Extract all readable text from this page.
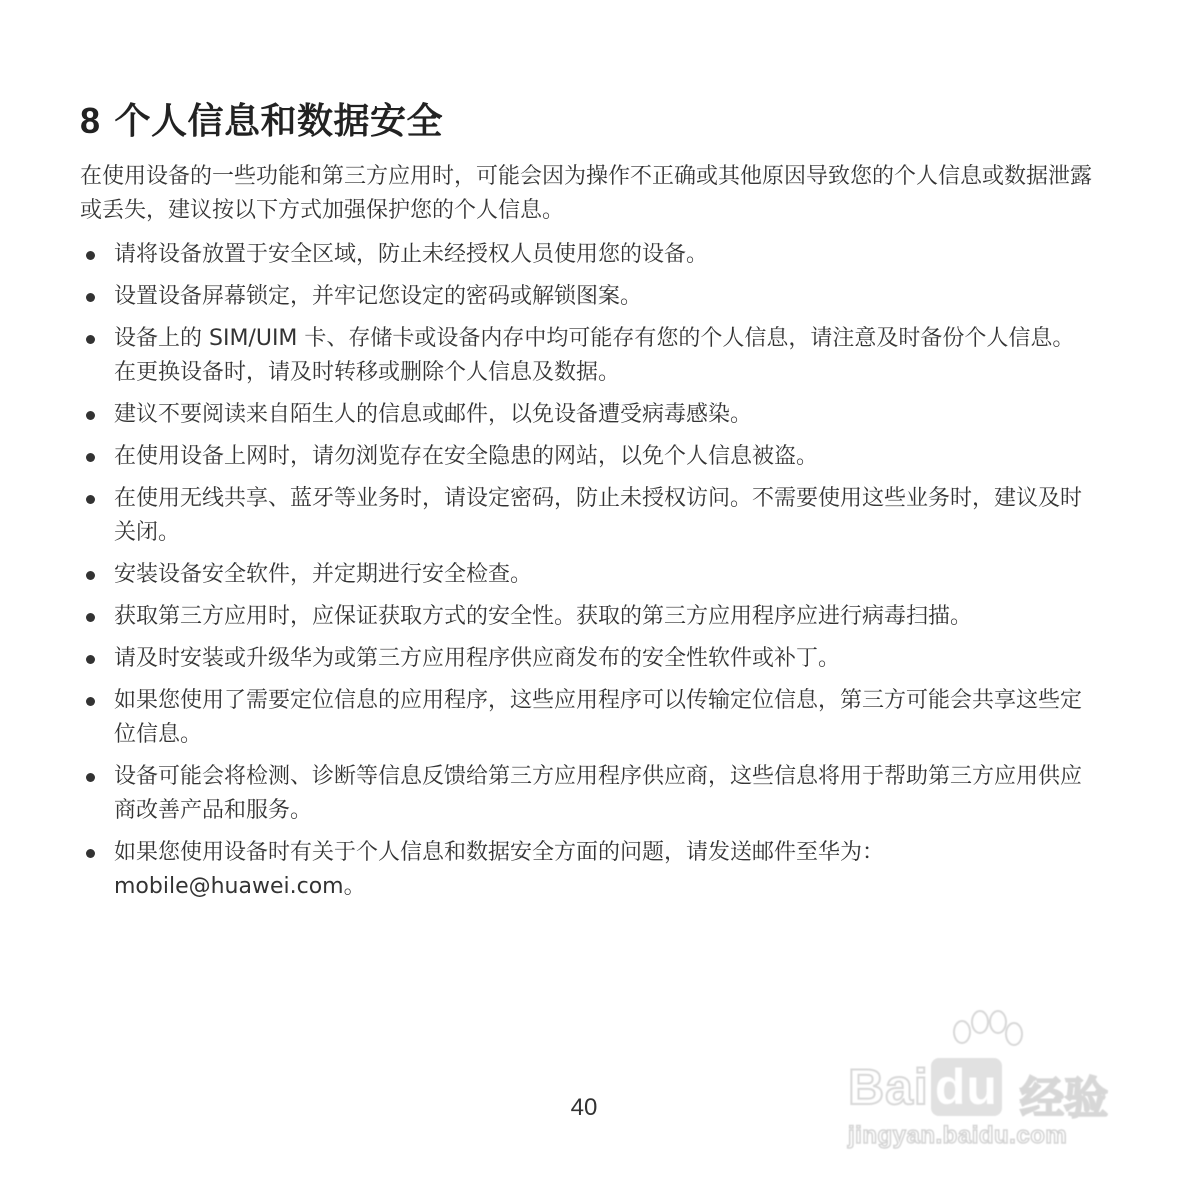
8 个人信息和数据安全

在使用设备的一些功能和第三方应用时，可能会因为操作不正确或其他原因导致您的个人信息或数据泄露或丢失，建议按以下方式加强保护您的个人信息。

请将设备放置于安全区域，防止未经授权人员使用您的设备。
设置设备屏幕锁定，并牢记您设定的密码或解锁图案。
设备上的 SIM/UIM 卡、存储卡或设备内存中均可能存有您的个人信息，请注意及时备份个人信息。在更换设备时，请及时转移或删除个人信息及数据。
建议不要阅读来自陌生人的信息或邮件，以免设备遭受病毒感染。
在使用设备上网时，请勿浏览存在安全隐患的网站，以免个人信息被盗。
在使用无线共享、蓝牙等业务时，请设定密码，防止未授权访问。不需要使用这些业务时，建议及时关闭。
安装设备安全软件，并定期进行安全检查。
获取第三方应用时，应保证获取方式的安全性。获取的第三方应用程序应进行病毒扫描。
请及时安装或升级华为或第三方应用程序供应商发布的安全性软件或补丁。
如果您使用了需要定位信息的应用程序，这些应用程序可以传输定位信息，第三方可能会共享这些定位信息。
设备可能会将检测、诊断等信息反馈给第三方应用程序供应商，这些信息将用于帮助第三方应用供应商改善产品和服务。
如果您使用设备时有关于个人信息和数据安全方面的问题，请发送邮件至华为：mobile@huawei.com。
40	Bai du 经验
jingyan.baidu.com
